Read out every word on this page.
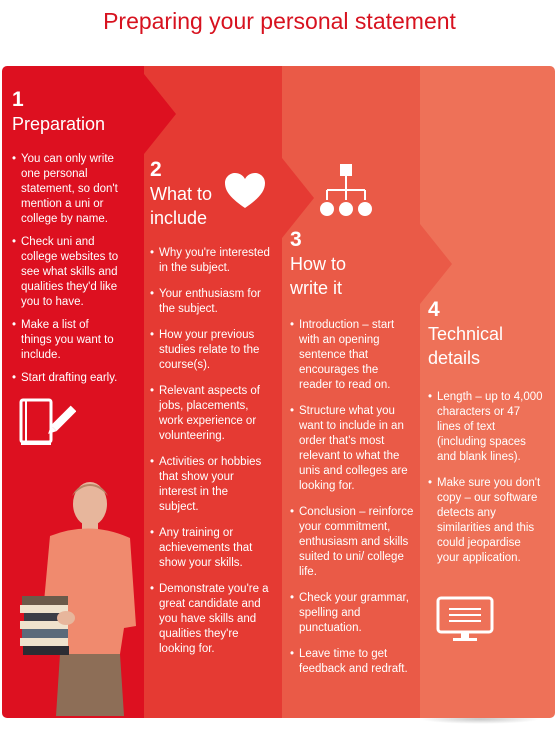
Preparing your personal statement
1
Preparation
• You can only write one personal statement, so don't mention a uni or college by name.
• Check uni and college websites to see what skills and qualities they'd like you to have.
• Make a list of things you want to include.
• Start drafting early.
2
What to
include
• Why you're interested in the subject.
• Your enthusiasm for the subject.
• How your previous studies relate to the course(s).
• Relevant aspects of jobs, placements, work experience or volunteering.
• Activities or hobbies that show your interest in the subject.
• Any training or achievements that show your skills.
• Demonstrate you're a great candidate and you have skills and qualities they're looking for.
3
How to
write it
• Introduction – start with an opening sentence that encourages the reader to read on.
• Structure what you want to include in an order that's most relevant to what the unis and colleges are looking for.
• Conclusion – reinforce your commitment, enthusiasm and skills suited to uni/ college life.
• Check your grammar, spelling and punctuation.
• Leave time to get feedback and redraft.
4
Technical
details
• Length – up to 4,000 characters or 47 lines of text (including spaces and blank lines).
• Make sure you don't copy – our software detects any similarities and this could jeopardise your application.
